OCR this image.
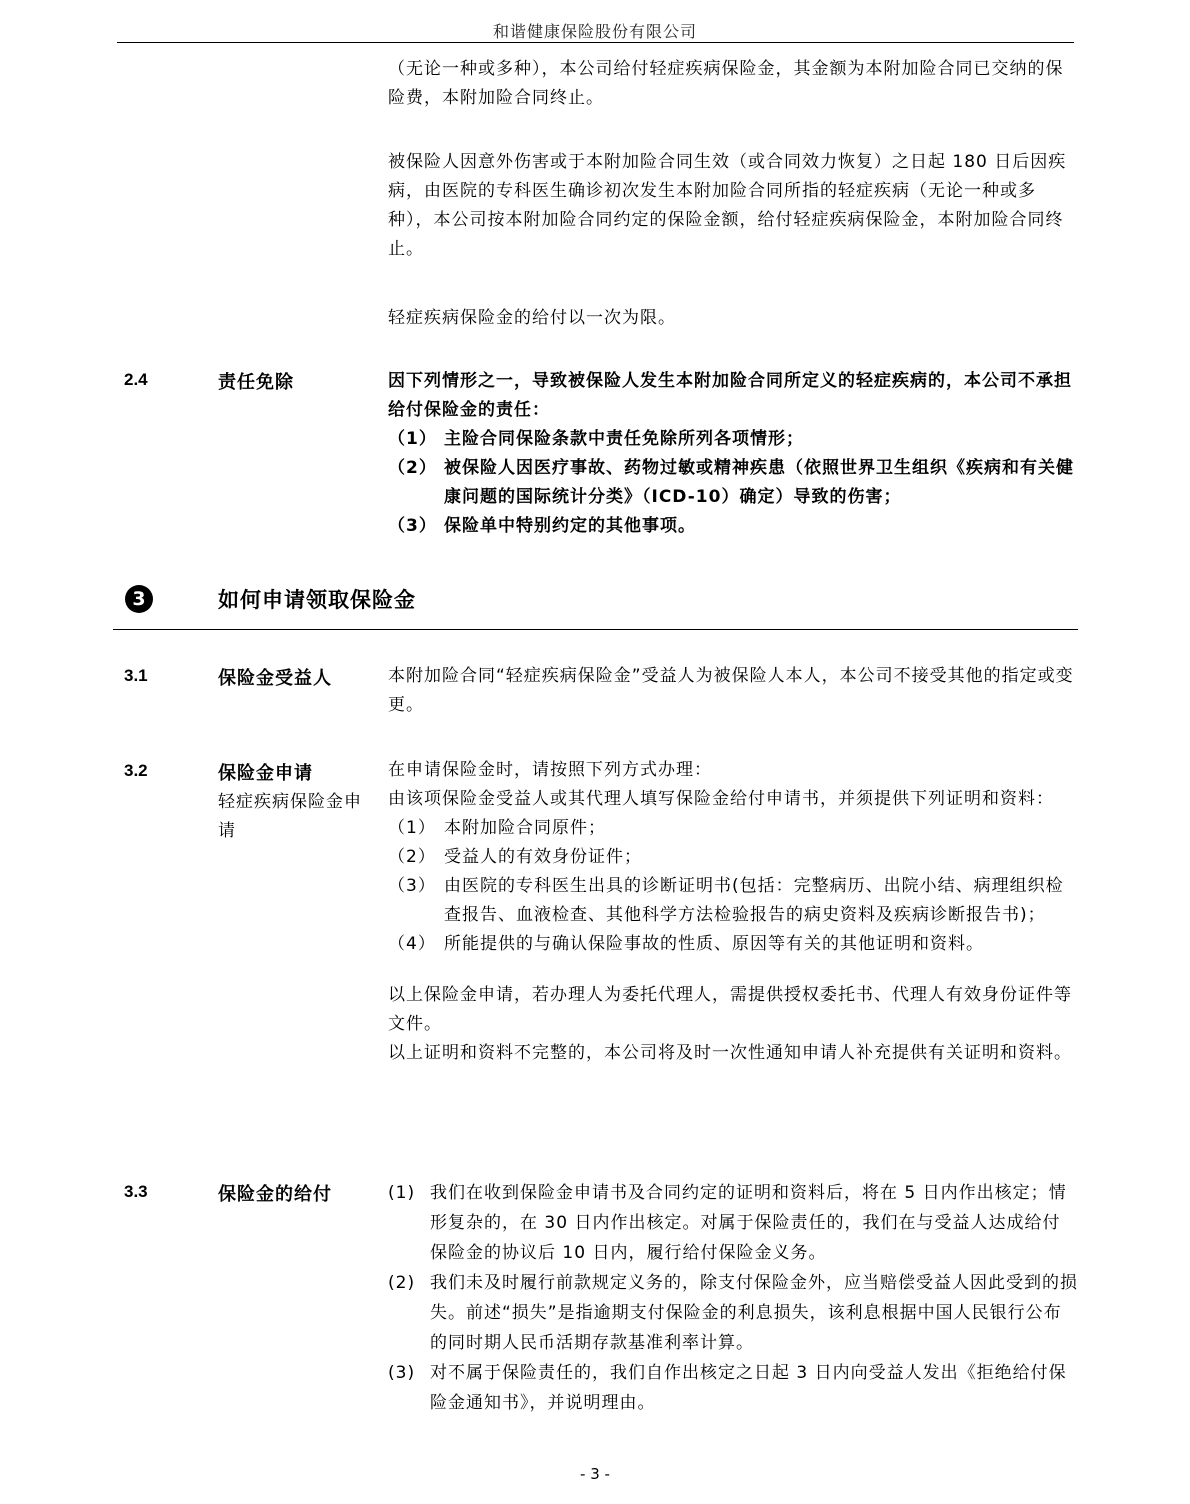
和谐健康保险股份有限公司
（无论一种或多种），本公司给付轻症疾病保险金，其金额为本附加险合同已交纳的保险费，本附加险合同终止。
被保险人因意外伤害或于本附加险合同生效（或合同效力恢复）之日起 180 日后因疾病，由医院的专科医生确诊初次发生本附加险合同所指的轻症疾病（无论一种或多种），本公司按本附加险合同约定的保险金额，给付轻症疾病保险金，本附加险合同终止。
轻症疾病保险金的给付以一次为限。
2.4	责任免除	因下列情形之一，导致被保险人发生本附加险合同所定义的轻症疾病的，本公司不承担给付保险金的责任：
（1） 主险合同保险条款中责任免除所列各项情形；
（2） 被保险人因医疗事故、药物过敏或精神疾患（依照世界卫生组织《疾病和有关健康问题的国际统计分类》（ICD-10）确定）导致的伤害；
（3） 保险单中特别约定的其他事项。
3	如何申请领取保险金
3.1	保险金受益人	本附加险合同“轻症疾病保险金”受益人为被保险人本人，本公司不接受其他的指定或变更。
3.2	保险金申请
轻症疾病保险金申请
在申请保险金时，请按照下列方式办理：
由该项保险金受益人或其代理人填写保险金给付申请书，并须提供下列证明和资料：
（1） 本附加险合同原件；
（2） 受益人的有效身份证件；
（3） 由医院的专科医生出具的诊断证明书(包括：完整病历、出院小结、病理组织检查报告、血液检查、其他科学方法检验报告的病史资料及疾病诊断报告书)；
（4） 所能提供的与确认保险事故的性质、原因等有关的其他证明和资料。
以上保险金申请，若办理人为委托代理人，需提供授权委托书、代理人有效身份证件等文件。
以上证明和资料不完整的，本公司将及时一次性通知申请人补充提供有关证明和资料。
3.3	保险金的给付	(1) 我们在收到保险金申请书及合同约定的证明和资料后，将在 5 日内作出核定；情形复杂的，在 30 日内作出核定。对属于保险责任的，我们在与受益人达成给付保险金的协议后 10 日内，履行给付保险金义务。
(2) 我们未及时履行前款规定义务的，除支付保险金外，应当赔偿受益人因此受到的损失。前述“损失”是指逾期支付保险金的利息损失，该利息根据中国人民银行公布的同时期人民币活期存款基准利率计算。
(3) 对不属于保险责任的，我们自作出核定之日起 3 日内向受益人发出《拒绝给付保险金通知书》，并说明理由。
- 3 -
